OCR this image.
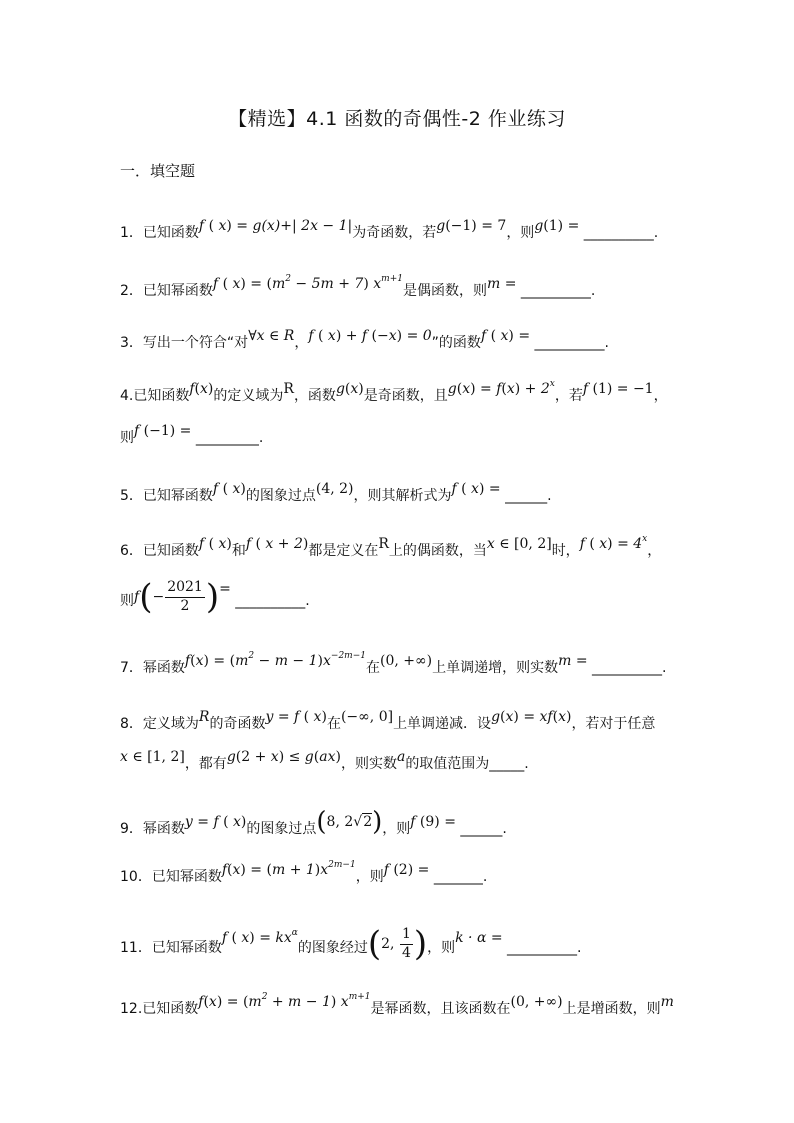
【精选】4.1 函数的奇偶性-2 作业练习
一．填空题
1．已知函数f ( x) = g(x)+| 2x − 1|为奇函数，若g(−1) = 7，则g(1) = __________.
2．已知幂函数f ( $x) = (m^2 - 5m + 7)$ $x^{m+1}$是偶函数，则m = __________.
3．写出一个符合“对∀x ∈ R，f ( x) + f (−x) = 0”的函数f ( x) = __________.
4.已知函数f(x)的定义域为R，函数g(x)是奇函数，且$g(x) = f(x) + 2^x$，若f (1) = −1，
则f (−1) = _________.
5．已知幂函数f ( x)的图象过点(4, 2)，则其解析式为f ( x) = ______.
6．已知函数f ( x)和f ( x + 2)都是定义在R上的偶函数，当x ∈ [0, 2]时，f ( $x) = 4^x$，
则$f(- \frac{2021}{2}$ )= __________.
7．幂函数$f(x) = (m^2 - m - 1)x^{-2m-1}$在(0, +∞)上单调递增，则实数m = __________.
8．定义域为R的奇函数y = f ( x)在(−∞, 0]上单调递减．设g(x) = xf(x)，若对于任意
x ∈ [1, 2]，都有g(2 + x) ≤ g(ax)，则实数a的取值范围为_____.
9．幂函数y = f ( x)的图象过点(8, 2√2)，则f (9) = ______.
10．已知幂函数$f(x) = (m + 1)x^{2m-1}$，则f (2) = _______.
11．已知幂函数f ( $x) = kx^\alpha$的图象经过(2, $\frac{1}{4}$ )，则k · α = __________.
12.已知函数$f(x) = (m^2 + m - 1)$ $x^{m+1}$是幂函数，且该函数在(0, +∞)上是增函数，则m
